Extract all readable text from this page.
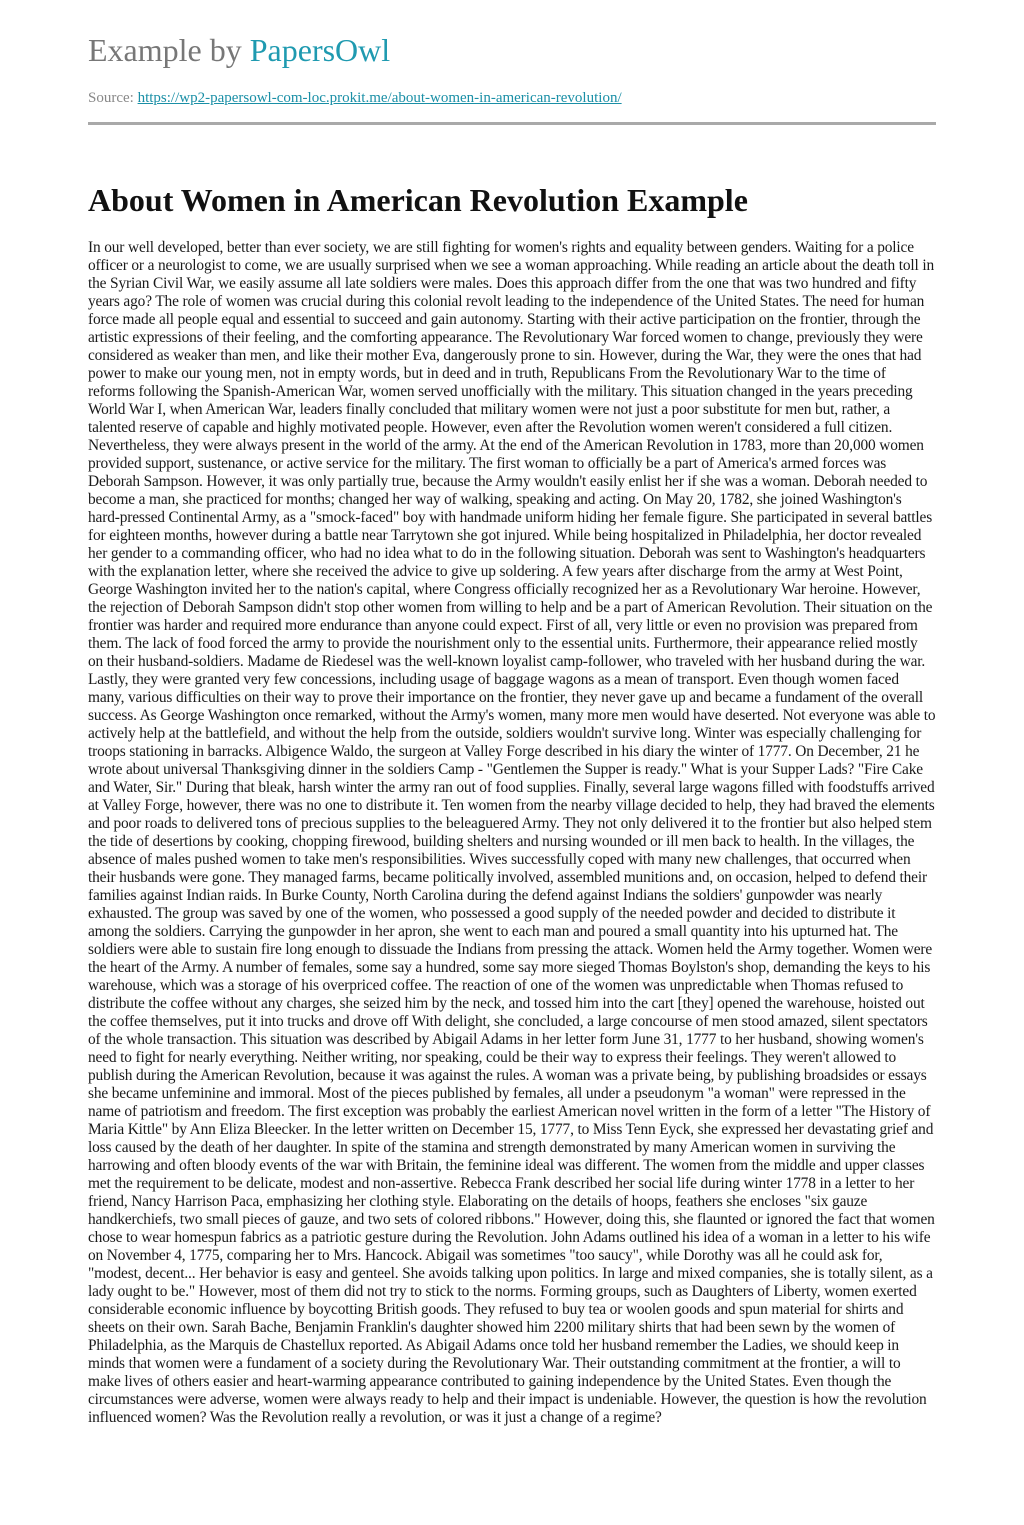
Example by PapersOwl
Source: https://wp2-papersowl-com-loc.prokit.me/about-women-in-american-revolution/
About Women in American Revolution Example

In our well developed, better than ever society, we are still fighting for women's rights and equality between genders. Waiting for a police officer or a neurologist to come, we are usually surprised when we see a woman approaching. While reading an article about the death toll in the Syrian Civil War, we easily assume all late soldiers were males. Does this approach differ from the one that was two hundred and fifty years ago? The role of women was crucial during this colonial revolt leading to the independence of the United States. The need for human force made all people equal and essential to succeed and gain autonomy. Starting with their active participation on the frontier, through the artistic expressions of their feeling, and the comforting appearance. The Revolutionary War forced women to change, previously they were considered as weaker than men, and like their mother Eva, dangerously prone to sin. However, during the War, they were the ones that had power to make our young men, not in empty words, but in deed and in truth, Republicans From the Revolutionary War to the time of reforms following the Spanish-American War, women served unofficially with the military. This situation changed in the years preceding World War I, when American War, leaders finally concluded that military women were not just a poor substitute for men but, rather, a talented reserve of capable and highly motivated people. However, even after the Revolution women weren't considered a full citizen. Nevertheless, they were always present in the world of the army. At the end of the American Revolution in 1783, more than 20,000 women provided support, sustenance, or active service for the military. The first woman to officially be a part of America's armed forces was Deborah Sampson. However, it was only partially true, because the Army wouldn't easily enlist her if she was a woman. Deborah needed to become a man, she practiced for months; changed her way of walking, speaking and acting. On May 20, 1782, she joined Washington's hard-pressed Continental Army, as a "smock-faced" boy with handmade uniform hiding her female figure. She participated in several battles for eighteen months, however during a battle near Tarrytown she got injured. While being hospitalized in Philadelphia, her doctor revealed her gender to a commanding officer, who had no idea what to do in the following situation. Deborah was sent to Washington's headquarters with the explanation letter, where she received the advice to give up soldering. A few years after discharge from the army at West Point, George Washington invited her to the nation's capital, where Congress officially recognized her as a Revolutionary War heroine. However, the rejection of Deborah Sampson didn't stop other women from willing to help and be a part of American Revolution. Their situation on the frontier was harder and required more endurance than anyone could expect. First of all, very little or even no provision was prepared from them. The lack of food forced the army to provide the nourishment only to the essential units. Furthermore, their appearance relied mostly on their husband-soldiers. Madame de Riedesel was the well-known loyalist camp-follower, who traveled with her husband during the war. Lastly, they were granted very few concessions, including usage of baggage wagons as a mean of transport. Even though women faced many, various difficulties on their way to prove their importance on the frontier, they never gave up and became a fundament of the overall success. As George Washington once remarked, without the Army's women, many more men would have deserted. Not everyone was able to actively help at the battlefield, and without the help from the outside, soldiers wouldn't survive long. Winter was especially challenging for troops stationing in barracks. Albigence Waldo, the surgeon at Valley Forge described in his diary the winter of 1777. On December, 21 he wrote about universal Thanksgiving dinner in the soldiers Camp - "Gentlemen the Supper is ready." What is your Supper Lads? "Fire Cake and Water, Sir." During that bleak, harsh winter the army ran out of food supplies. Finally, several large wagons filled with foodstuffs arrived at Valley Forge, however, there was no one to distribute it. Ten women from the nearby village decided to help, they had braved the elements and poor roads to delivered tons of precious supplies to the beleaguered Army. They not only delivered it to the frontier but also helped stem the tide of desertions by cooking, chopping firewood, building shelters and nursing wounded or ill men back to health. In the villages, the absence of males pushed women to take men's responsibilities. Wives successfully coped with many new challenges, that occurred when their husbands were gone. They managed farms, became politically involved, assembled munitions and, on occasion, helped to defend their families against Indian raids. In Burke County, North Carolina during the defend against Indians the soldiers' gunpowder was nearly exhausted. The group was saved by one of the women, who possessed a good supply of the needed powder and decided to distribute it among the soldiers. Carrying the gunpowder in her apron, she went to each man and poured a small quantity into his upturned hat. The soldiers were able to sustain fire long enough to dissuade the Indians from pressing the attack. Women held the Army together. Women were the heart of the Army. A number of females, some say a hundred, some say more sieged Thomas Boylston's shop, demanding the keys to his warehouse, which was a storage of his overpriced coffee. The reaction of one of the women was unpredictable when Thomas refused to distribute the coffee without any charges, she seized him by the neck, and tossed him into the cart [they] opened the warehouse, hoisted out the coffee themselves, put it into trucks and drove off With delight, she concluded, a large concourse of men stood amazed, silent spectators of the whole transaction. This situation was described by Abigail Adams in her letter form June 31, 1777 to her husband, showing women's need to fight for nearly everything. Neither writing, nor speaking, could be their way to express their feelings. They weren't allowed to publish during the American Revolution, because it was against the rules. A woman was a private being, by publishing broadsides or essays she became unfeminine and immoral. Most of the pieces published by females, all under a pseudonym "a woman" were repressed in the name of patriotism and freedom. The first exception was probably the earliest American novel written in the form of a letter "The History of Maria Kittle" by Ann Eliza Bleecker. In the letter written on December 15, 1777, to Miss Tenn Eyck, she expressed her devastating grief and loss caused by the death of her daughter. In spite of the stamina and strength demonstrated by many American women in surviving the harrowing and often bloody events of the war with Britain, the feminine ideal was different. The women from the middle and upper classes met the requirement to be delicate, modest and non-assertive. Rebecca Frank described her social life during winter 1778 in a letter to her friend, Nancy Harrison Paca, emphasizing her clothing style. Elaborating on the details of hoops, feathers she encloses "six gauze handkerchiefs, two small pieces of gauze, and two sets of colored ribbons." However, doing this, she flaunted or ignored the fact that women chose to wear homespun fabrics as a patriotic gesture during the Revolution. John Adams outlined his idea of a woman in a letter to his wife on November 4, 1775, comparing her to Mrs. Hancock. Abigail was sometimes "too saucy", while Dorothy was all he could ask for, "modest, decent... Her behavior is easy and genteel. She avoids talking upon politics. In large and mixed companies, she is totally silent, as a lady ought to be." However, most of them did not try to stick to the norms. Forming groups, such as Daughters of Liberty, women exerted considerable economic influence by boycotting British goods. They refused to buy tea or woolen goods and spun material for shirts and sheets on their own. Sarah Bache, Benjamin Franklin's daughter showed him 2200 military shirts that had been sewn by the women of Philadelphia, as the Marquis de Chastellux reported. As Abigail Adams once told her husband remember the Ladies, we should keep in minds that women were a fundament of a society during the Revolutionary War. Their outstanding commitment at the frontier, a will to make lives of others easier and heart-warming appearance contributed to gaining independence by the United States. Even though the circumstances were adverse, women were always ready to help and their impact is undeniable. However, the question is how the revolution influenced women? Was the Revolution really a revolution, or was it just a change of a regime?
